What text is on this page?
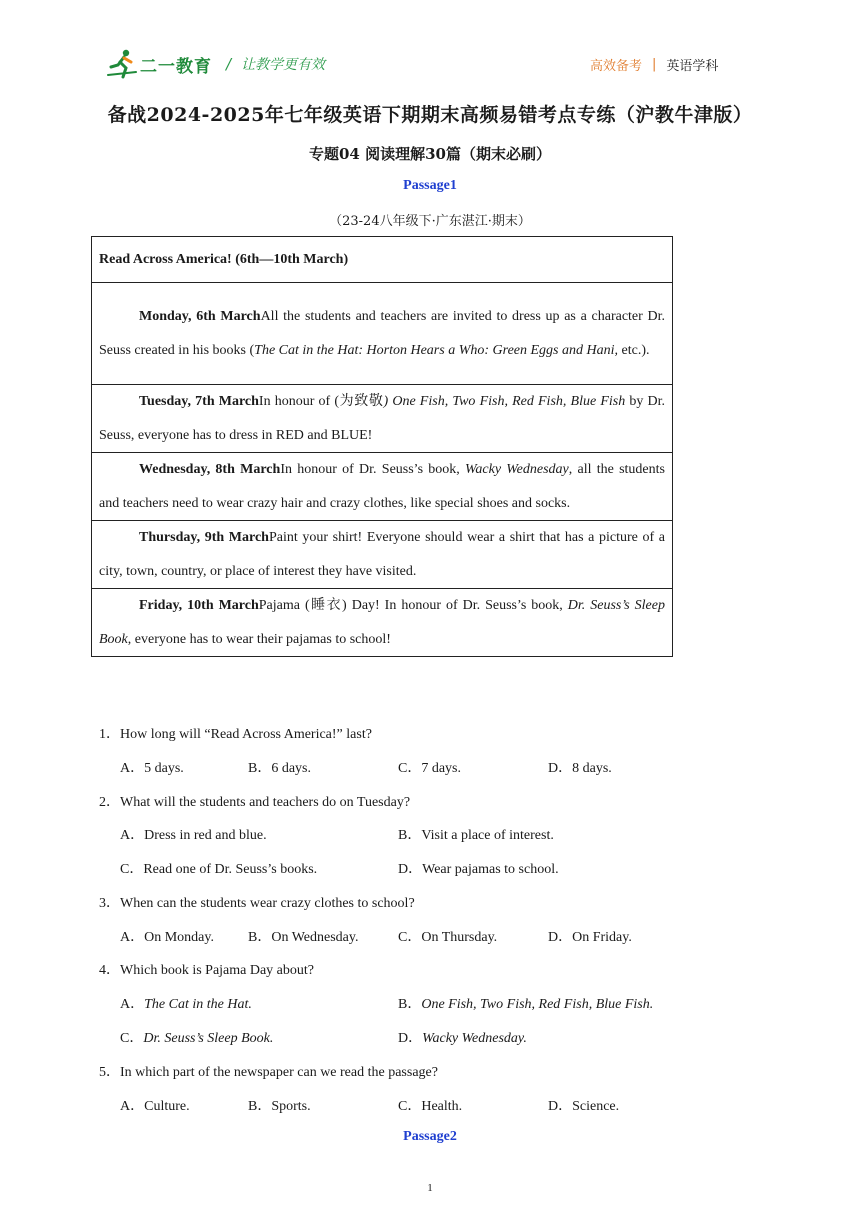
二一教育 / 让教学更有效	高效备考 | 英语学科
备战2024-2025年七年级英语下期期末高频易错考点专练（沪教牛津版）
专题04 阅读理解30篇（期末必刷）
Passage1
（23-24八年级下·广东湛江·期末）
Read Across America! (6th—10th March)
Monday, 6th MarchAll the students and teachers are invited to dress up as a character Dr. Seuss created in his books (The Cat in the Hat: Horton Hears a Who: Green Eggs and Hani, etc.).
Tuesday, 7th MarchIn honour of (为致敬) One Fish, Two Fish, Red Fish, Blue Fish by Dr. Seuss, everyone has to dress in RED and BLUE!
Wednesday, 8th MarchIn honour of Dr. Seuss’s book, Wacky Wednesday, all the students and teachers need to wear crazy hair and crazy clothes, like special shoes and socks.
Thursday, 9th MarchPaint your shirt! Everyone should wear a shirt that has a picture of a city, town, country, or place of interest they have visited.
Friday, 10th MarchPajama (睡衣) Day! In honour of Dr. Seuss’s book, Dr. Seuss’s Sleep Book, everyone has to wear their pajamas to school!
1．How long will “Read Across America!” last?
A．5 days.	B．6 days.	C．7 days.	D．8 days.
2．What will the students and teachers do on Tuesday?
A．Dress in red and blue.	B．Visit a place of interest.
C．Read one of Dr. Seuss’s books.	D．Wear pajamas to school.
3．When can the students wear crazy clothes to school?
A．On Monday. B．On Wednesday.	C．On Thursday.	D．On Friday.
4．Which book is Pajama Day about?
A．The Cat in the Hat.	B．One Fish, Two Fish, Red Fish, Blue Fish.
C．Dr. Seuss’s Sleep Book.	D．Wacky Wednesday.
5．In which part of the newspaper can we read the passage?
A．Culture.	B．Sports.	C．Health.	D．Science.
Passage2
1
